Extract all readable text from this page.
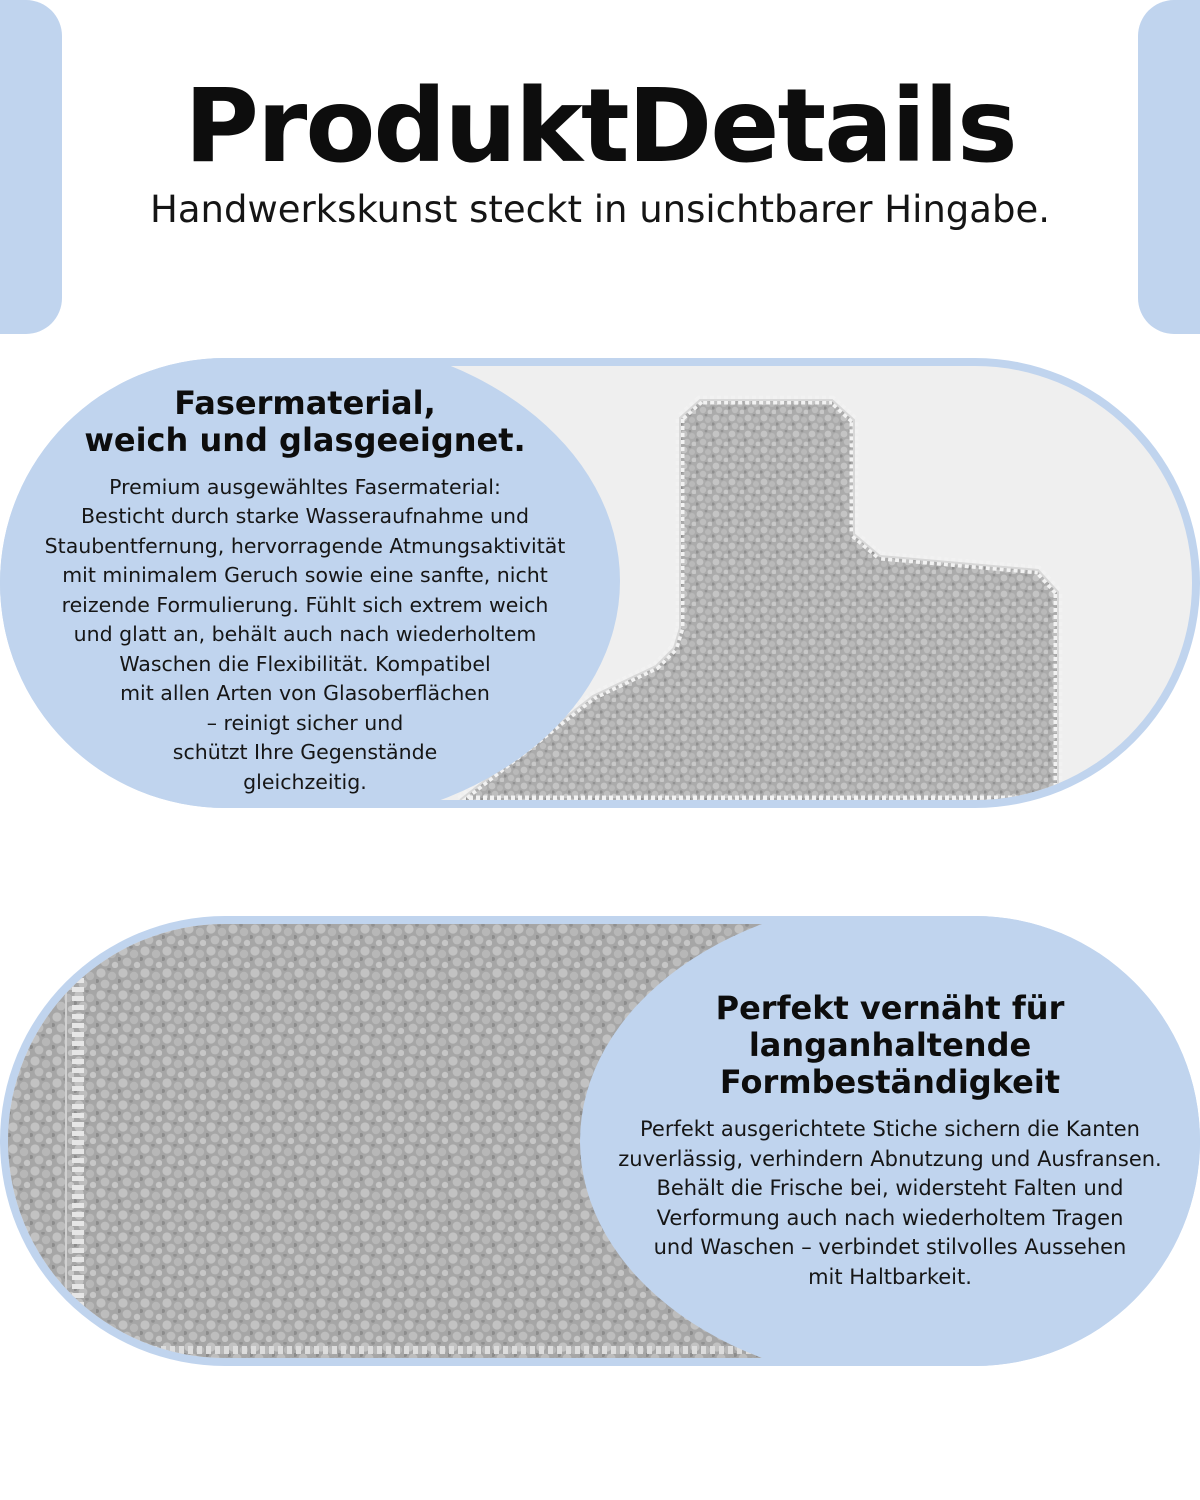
ProduktDetails

Handwerkskunst steckt in unsichtbarer Hingabe.

Fasermaterial,
weich und glasgeeignet.

Premium ausgewähltes Fasermaterial:
Besticht durch starke Wasseraufnahme und
Staubentfernung, hervorragende Atmungsaktivität
mit minimalem Geruch sowie eine sanfte, nicht
reizende Formulierung. Fühlt sich extrem weich
und glatt an, behält auch nach wiederholtem
Waschen die Flexibilität. Kompatibel
mit allen Arten von Glasoberflächen
– reinigt sicher und
schützt Ihre Gegenstände
gleichzeitig.

Perfekt vernäht für
langanhaltende
Formbeständigkeit

Perfekt ausgerichtete Stiche sichern die Kanten
zuverlässig, verhindern Abnutzung und Ausfransen.
Behält die Frische bei, widersteht Falten und
Verformung auch nach wiederholtem Tragen
und Waschen – verbindet stilvolles Aussehen
mit Haltbarkeit.
